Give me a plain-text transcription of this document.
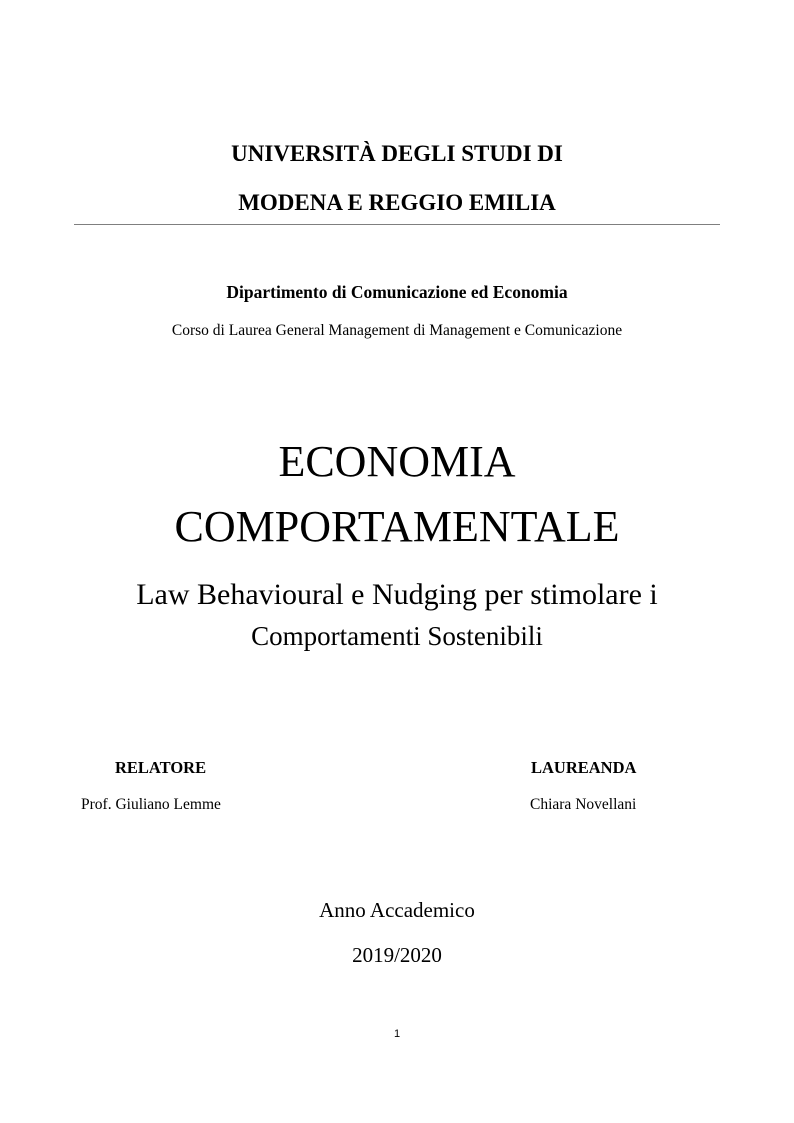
UNIVERSITÀ DEGLI STUDI DI
MODENA E REGGIO EMILIA
Dipartimento di Comunicazione ed Economia
Corso di Laurea General Management di Management e Comunicazione
ECONOMIA
COMPORTAMENTALE
Law Behavioural e Nudging per stimolare i
Comportamenti Sostenibili
RELATORE
Prof. Giuliano Lemme
LAUREANDA
Chiara Novellani
Anno Accademico
2019/2020
1
